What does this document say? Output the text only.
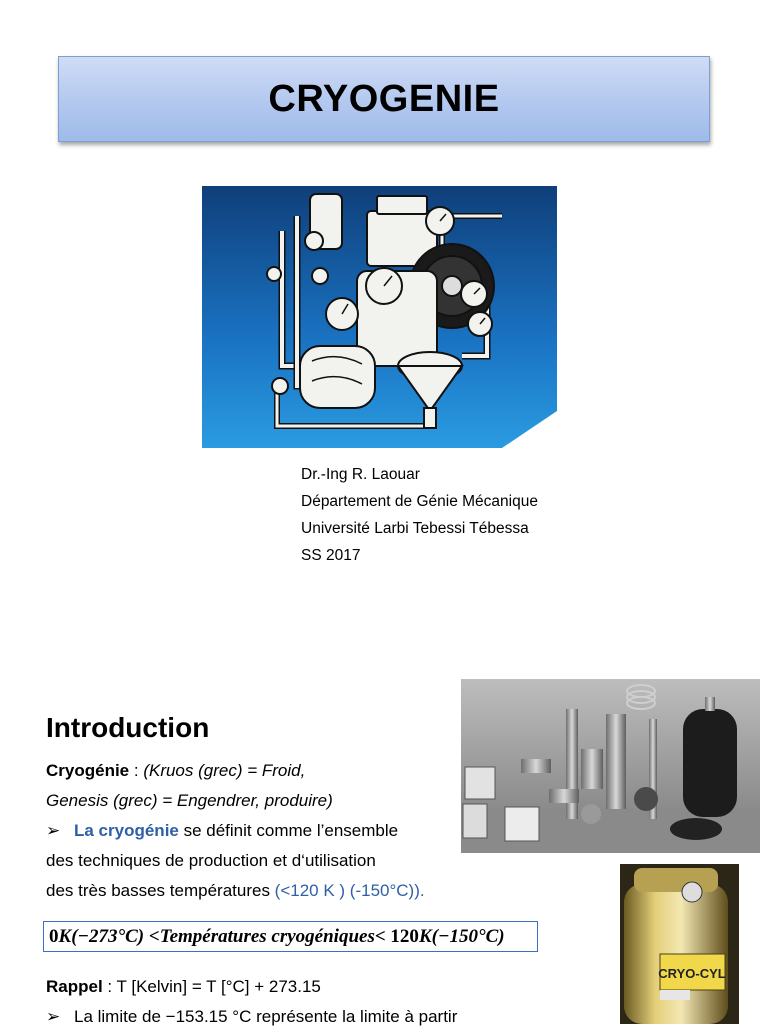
CRYOGENIE
Dr.-Ing R. Laouar
Département de Génie Mécanique
Université Larbi Tebessi Tébessa
SS 2017
Introduction
Cryogénie : (Kruos (grec) = Froid,
Genesis (grec) = Engendrer, produire)
➢ La cryogénie se définit comme l’ensemble
des techniques de production et d‘utilisation
des très basses températures (<120 K ) (-150°C)).
0 K (−273°C) < Températures cryogéniques < 120 K (−150°C)
Rappel : T [Kelvin] = T [°C] + 273.15
➢ La limite de −153.15 °C représente la limite à partir
CRYO-CYL
